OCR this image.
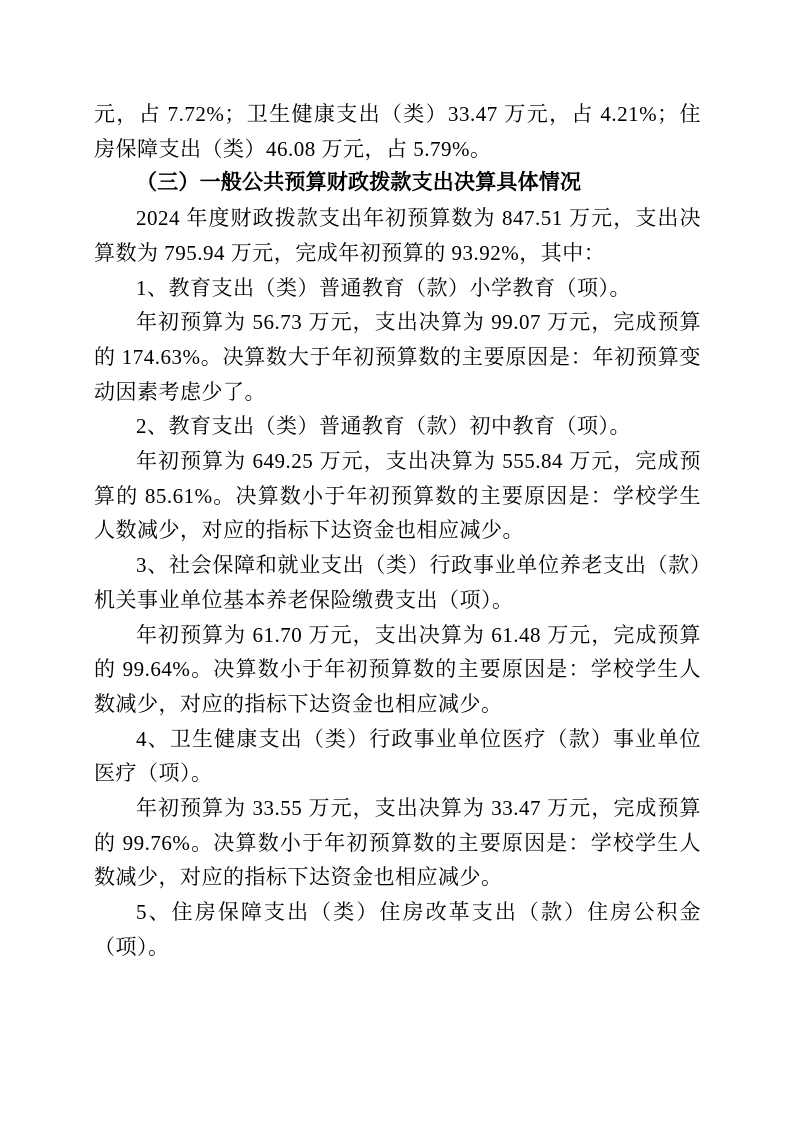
元，占 7.72%；卫生健康支出（类）33.47 万元，占 4.21%；住房保障支出（类）46.08 万元，占 5.79%。

（三）一般公共预算财政拨款支出决算具体情况

2024 年度财政拨款支出年初预算数为 847.51 万元，支出决算数为 795.94 万元，完成年初预算的 93.92%，其中：

1、教育支出（类）普通教育（款）小学教育（项）。

年初预算为 56.73 万元，支出决算为 99.07 万元，完成预算的 174.63%。决算数大于年初预算数的主要原因是：年初预算变动因素考虑少了。

2、教育支出（类）普通教育（款）初中教育（项）。

年初预算为 649.25 万元，支出决算为 555.84 万元，完成预算的 85.61%。决算数小于年初预算数的主要原因是：学校学生人数减少，对应的指标下达资金也相应减少。

3、社会保障和就业支出（类）行政事业单位养老支出（款）机关事业单位基本养老保险缴费支出（项）。

年初预算为 61.70 万元，支出决算为 61.48 万元，完成预算的 99.64%。决算数小于年初预算数的主要原因是：学校学生人数减少，对应的指标下达资金也相应减少。

4、卫生健康支出（类）行政事业单位医疗（款）事业单位医疗（项）。

年初预算为 33.55 万元，支出决算为 33.47 万元，完成预算的 99.76%。决算数小于年初预算数的主要原因是：学校学生人数减少，对应的指标下达资金也相应减少。

5、住房保障支出（类）住房改革支出（款）住房公积金（项）。
